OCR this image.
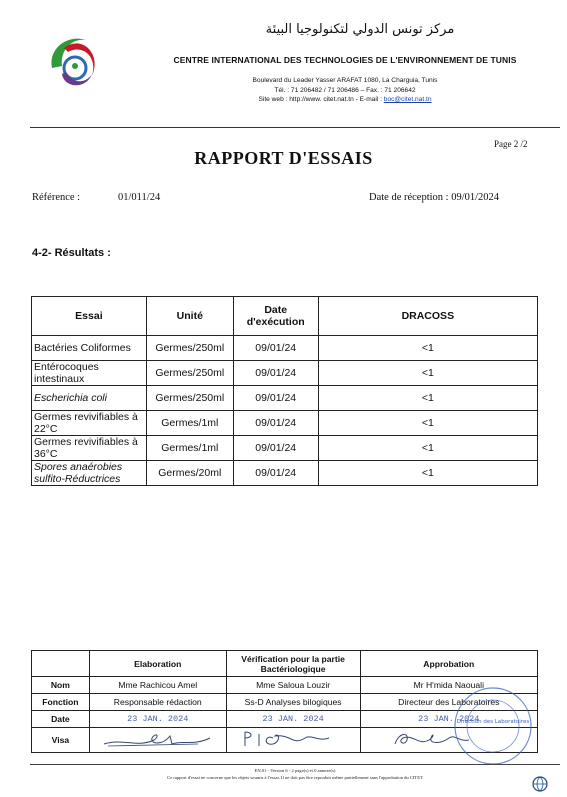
مركز تونس الدولي لتكنولوجيا البيئة
CENTRE INTERNATIONAL DES TECHNOLOGIES DE L'ENVIRONNEMENT DE TUNIS
Boulevard du Leader Yasser ARAFAT 1080, La Charguia, Tunis
Tél. : 71 206482 / 71 206486 – Fax. : 71 206642
Site web : http://www. citet.nat.tn - E-mail : boc@citet.nat.tn
Page 2 /2
RAPPORT D'ESSAIS
Référence :	01/011/24	Date de réception : 09/01/2024
4-2- Résultats :
Essai	Unité	Date d'exécution	DRACOSS
Bactéries Coliformes	Germes/250ml	09/01/24	<1
Entérocoques intestinaux	Germes/250ml	09/01/24	<1
Escherichia coli	Germes/250ml	09/01/24	<1
Germes revivifiables à 22°C	Germes/1ml	09/01/24	<1
Germes revivifiables à 36°C	Germes/1ml	09/01/24	<1
Spores anaérobies sulfito-Réductrices	Germes/20ml	09/01/24	<1
	Elaboration	Vérification pour la partie Bactériologique	Approbation
Nom	Mme Rachicou Amel	Mme Saloua Louzir	Mr H'mida Naouali
Fonction	Responsable rédaction	Ss-D Analyses bilogiques	Directeur des Laboratoires
Date	23 JAN. 2024	23 JAN. 2024	23 JAN. 2024
Visa			
Direction des Laboratoires
EN.01 - Version 6 - 2 page(s) et 0 annexe(s)
Ce rapport d'essai ne concerne que les objets soumis à l'essai. Il ne doit pas être reproduit même partiellement sans l'approbation du CITET
